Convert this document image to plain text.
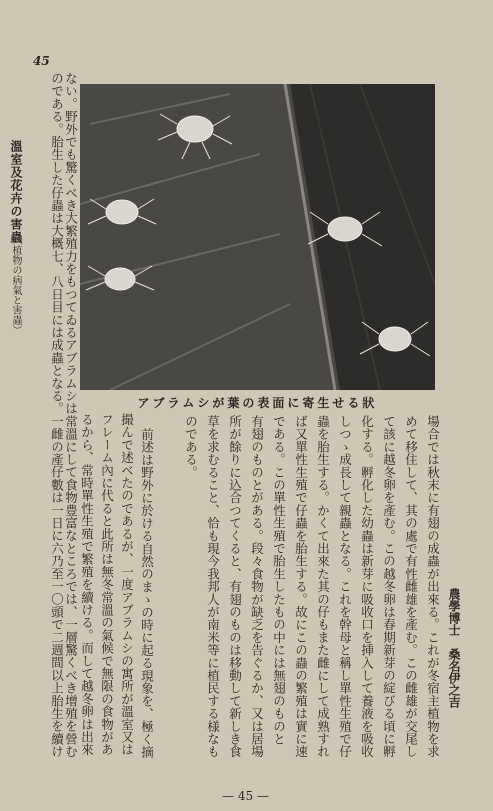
45
溫室及花卉の害蟲
（植物の病氣と害蟲）	ない。野外でも驚くべき大繁殖力をもつてゐるアブラムシは常溫にして食物豊富なところでは、一層驚くべき增殖を營む
のである。胎生した仔蟲は大概七、八日目には成蟲となる。一雌の產仔數は一日に六乃至一〇頭で二週間以上胎生を續け	アブラムシが葉の表面に寄生せる狀
場合では秋末に有翅の成蟲が出來る。これが冬宿主植物を求
めて移住して、其の處で有性雌雄を產む。この雌雄が交尾し
て該に越冬卵を產む。この越冬卵は春期新芽の綻びる頃に孵
化する。孵化した幼蟲は新芽に吸收口を挿入して養液を吸收
しつゝ成長して親蟲となる。これを幹母と稱し單性生殖で仔
蟲を胎生する。かくて出來た其の仔もまた雌にして成熟すれ
ば又單性生殖で仔蟲を胎生する。故にこの蟲の繁殖は實に速
である。この單性生殖で胎生したもの中には無翅のものと
有翅のものとがある。段々食物が缺乏を告ぐるか、又は居場
所が餘りに込合つてくると、有翅のものは移動して新しき食
草を求むること、恰も現今我邦人が南米等に植民する様なも
のである。
前述は野外に於ける自然のまゝの時に起る現象を、極く摘
撮んで述べたのであるが、一度アブラムシの寓所が溫室又は
フレーム內に代ると此所は無冬常溫の氣候で無限の食物があ
るから、常時單性生殖で繁殖を續ける。而して越冬卵は出來	農學博士　桑名伊之吉
— 45 —
